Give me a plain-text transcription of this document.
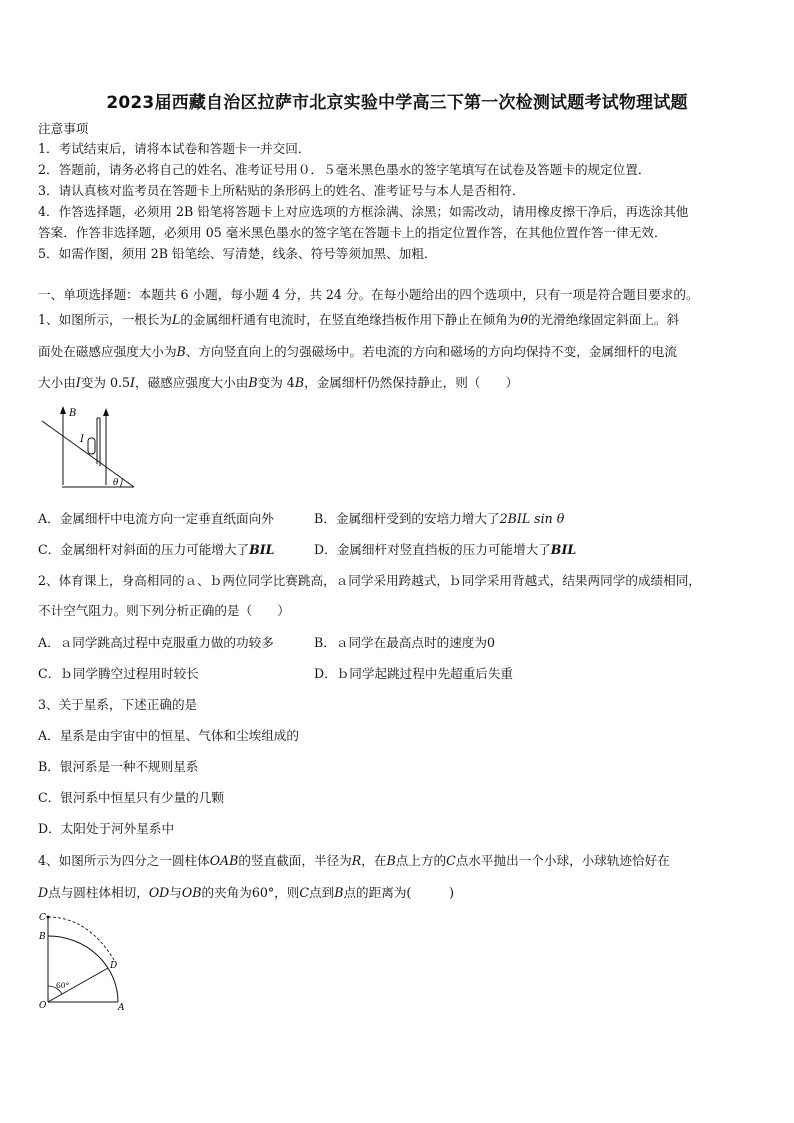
2023届西藏自治区拉萨市北京实验中学高三下第一次检测试题考试物理试题
注意事项
1．考试结束后，请将本试卷和答题卡一并交回．
2．答题前，请务必将自己的姓名、准考证号用０．５毫米黑色墨水的签字笔填写在试卷及答题卡的规定位置．
3．请认真核对监考员在答题卡上所粘贴的条形码上的姓名、准考证号与本人是否相符．
4．作答选择题，必须用 2B 铅笔将答题卡上对应选项的方框涂满、涂黑；如需改动，请用橡皮擦干净后，再选涂其他
答案．作答非选择题，必须用 05 毫米黑色墨水的签字笔在答题卡上的指定位置作答，在其他位置作答一律无效．
5．如需作图，须用 2B 铅笔绘、写清楚，线条、符号等须加黑、加粗．
一、单项选择题：本题共 6 小题，每小题 4 分，共 24 分。在每小题给出的四个选项中，只有一项是符合题目要求的。
1、如图所示，一根长为L的金属细杆通有电流时，在竖直绝缘挡板作用下静止在倾角为θ的光滑绝缘固定斜面上。斜
面处在磁感应强度大小为B、方向竖直向上的匀强磁场中。若电流的方向和磁场的方向均保持不变，金属细杆的电流
大小由I变为 0.5I，磁感应强度大小由B变为 4B，金属细杆仍然保持静止，则（　　）
B
I
θ
A．金属细杆中电流方向一定垂直纸面向外	B．金属细杆受到的安培力增大了2BIL sin θ
C．金属细杆对斜面的压力可能增大了BIL	D．金属细杆对竖直挡板的压力可能增大了BIL
2、体育课上，身高相同的ａ、ｂ两位同学比赛跳高，ａ同学采用跨越式，ｂ同学采用背越式，结果两同学的成绩相同，
不计空气阻力。则下列分析正确的是（　　）
A．ａ同学跳高过程中克服重力做的功较多	B．ａ同学在最高点时的速度为0
C．ｂ同学腾空过程用时较长	D．ｂ同学起跳过程中先超重后失重
3、关于星系，下述正确的是
A．星系是由宇宙中的恒星、气体和尘埃组成的
B．银河系是一种不规则星系
C．银河系中恒星只有少量的几颗
D．太阳处于河外星系中
4、如图所示为四分之一圆柱体OAB的竖直截面，半径为R，在B点上方的C点水平抛出一个小球，小球轨迹恰好在
D点与圆柱体相切，OD与OB的夹角为60°，则C点到B点的距离为(　　　)
C
B
D
O	A
60°
